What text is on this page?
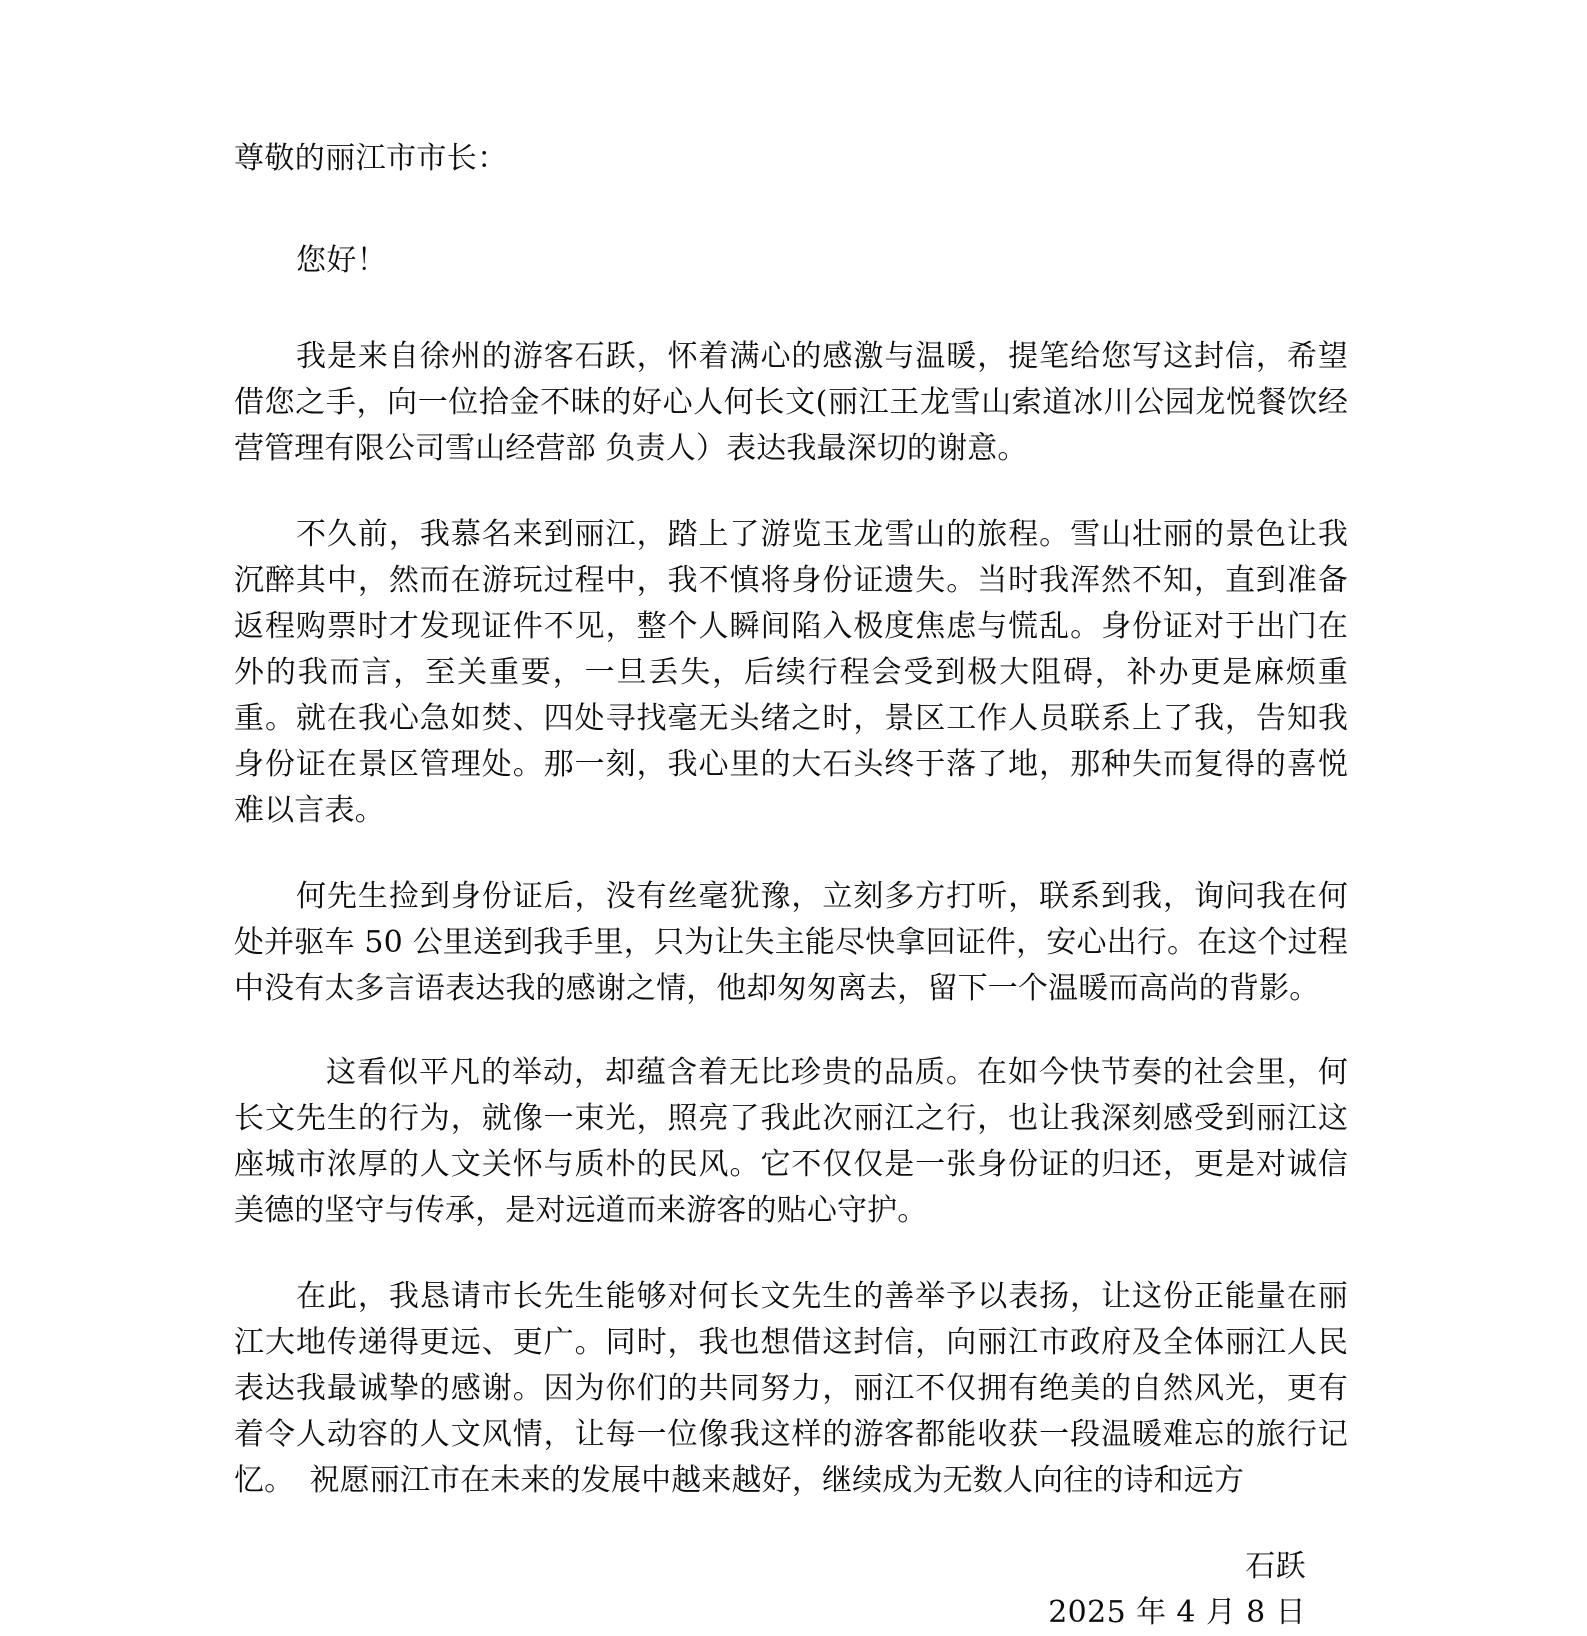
尊敬的丽江市市长：

您好！

我是来自徐州的游客石跃，怀着满心的感激与温暖，提笔给您写这封信，希望借您之手，向一位拾金不昧的好心人何长文(丽江王龙雪山索道冰川公园龙悦餐饮经营管理有限公司雪山经营部 负责人）表达我最深切的谢意。

不久前，我慕名来到丽江，踏上了游览玉龙雪山的旅程。雪山壮丽的景色让我沉醉其中，然而在游玩过程中，我不慎将身份证遗失。当时我浑然不知，直到准备返程购票时才发现证件不见，整个人瞬间陷入极度焦虑与慌乱。身份证对于出门在外的我而言，至关重要，一旦丢失，后续行程会受到极大阻碍，补办更是麻烦重重。就在我心急如焚、四处寻找毫无头绪之时，景区工作人员联系上了我，告知我身份证在景区管理处。那一刻，我心里的大石头终于落了地，那种失而复得的喜悦难以言表。

何先生捡到身份证后，没有丝毫犹豫，立刻多方打听，联系到我，询问我在何处并驱车 50 公里送到我手里，只为让失主能尽快拿回证件，安心出行。在这个过程中没有太多言语表达我的感谢之情，他却匆匆离去，留下一个温暖而高尚的背影。

这看似平凡的举动，却蕴含着无比珍贵的品质。在如今快节奏的社会里，何长文先生的行为，就像一束光，照亮了我此次丽江之行，也让我深刻感受到丽江这座城市浓厚的人文关怀与质朴的民风。它不仅仅是一张身份证的归还，更是对诚信美德的坚守与传承，是对远道而来游客的贴心守护。

在此，我恳请市长先生能够对何长文先生的善举予以表扬，让这份正能量在丽江大地传递得更远、更广。同时，我也想借这封信，向丽江市政府及全体丽江人民表达我最诚挚的感谢。因为你们的共同努力，丽江不仅拥有绝美的自然风光，更有着令人动容的人文风情，让每一位像我这样的游客都能收获一段温暖难忘的旅行记忆。　祝愿丽江市在未来的发展中越来越好，继续成为无数人向往的诗和远方

石跃
2025 年 4 月 8 日
